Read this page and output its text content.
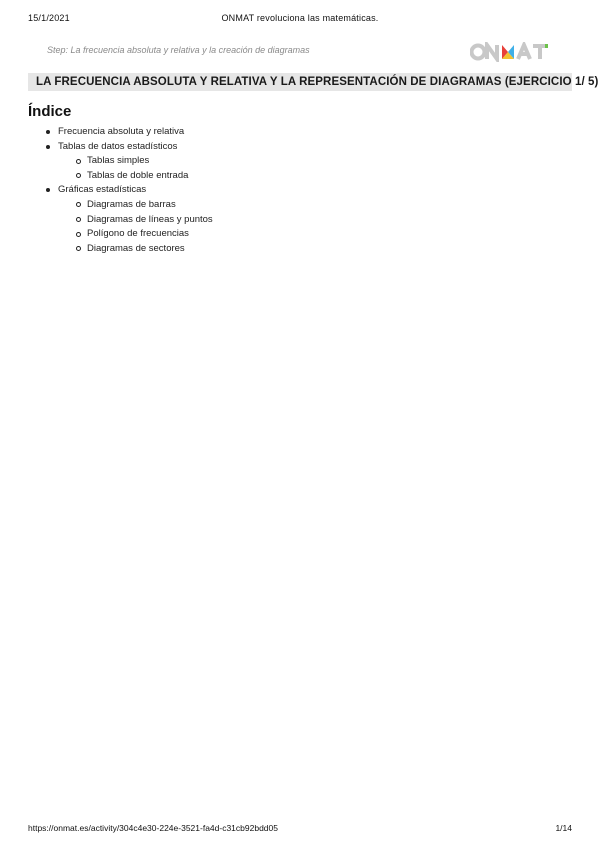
15/1/2021	ONMAT revoluciona las matemáticas.
Step: La frecuencia absoluta y relativa y la creación de diagramas
LA FRECUENCIA ABSOLUTA Y RELATIVA Y LA REPRESENTACIÓN DE DIAGRAMAS (EJERCICIO 1/ 5)
Índice
Frecuencia absoluta y relativa
Tablas de datos estadísticos
Tablas simples
Tablas de doble entrada
Gráficas estadísticas
Diagramas de barras
Diagramas de líneas y puntos
Polígono de frecuencias
Diagramas de sectores
https://onmat.es/activity/304c4e30-224e-3521-fa4d-c31cb92bdd05	1/14
